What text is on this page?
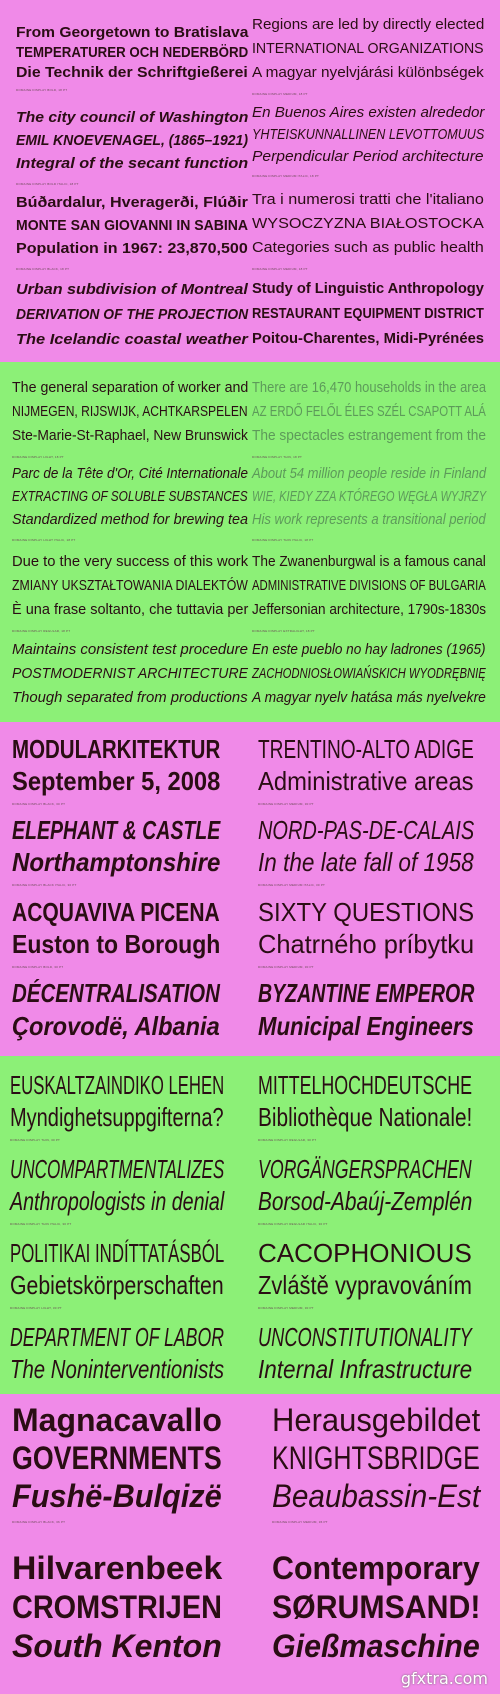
From Georgetown to Bratislava
TEMPERATURER OCH NEDERBÖRD
Die Technik der Schriftgießerei
DOMAINE DISPLAY BOLD, 18 PT
The city council of Washington
EMIL KNOEVENAGEL, (1865–1921)
Integral of the secant function
DOMAINE DISPLAY BOLD ITALIC, 18 PT
Búðardalur, Hveragerði, Flúðir
MONTE SAN GIOVANNI IN SABINA
Population in 1967: 23,870,500
DOMAINE DISPLAY BLACK, 18 PT
Urban subdivision of Montreal
DERIVATION OF THE PROJECTION
The Icelandic coastal weather
Regions are led by directly elected
INTERNATIONAL ORGANIZATIONS
A magyar nyelvjárási különbségek
DOMAINE DISPLAY MEDIUM, 18 PT
En Buenos Aires existen alrededor
YHTEISKUNNALLINEN LEVOTTOMUUS
Perpendicular Period architecture
DOMAINE DISPLAY MEDIUM ITALIC, 18 PT
Tra i numerosi tratti che l'italiano
WYSOCZYZNA BIAŁOSTOCKA
Categories such as public health
DOMAINE DISPLAY MEDIUM, 18 PT
Study of Linguistic Anthropology
RESTAURANT EQUIPMENT DISTRICT
Poitou-Charentes, Midi-Pyrénées
The general separation of worker and
NIJMEGEN, RIJSWIJK, ACHTKARSPELEN
Ste-Marie-St-Raphael, New Brunswick
DOMAINE DISPLAY LIGHT, 18 PT
Parc de la Tête d'Or, Cité Internationale
EXTRACTING OF SOLUBLE SUBSTANCES
Standardized method for brewing tea
DOMAINE DISPLAY LIGHT ITALIC, 18 PT
Due to the very success of this work
ZMIANY UKSZTAŁTOWANIA DIALEKTÓW
È una frase soltanto, che tuttavia per
DOMAINE DISPLAY REGULAR, 18 PT
Maintains consistent test procedure
POSTMODERNIST ARCHITECTURE
Though separated from productions
There are 16,470 households in the area
AZ ERDŐ FELŐL ÉLES SZÉL CSAPOTT ALÁ
The spectacles estrangement from the
DOMAINE DISPLAY THIN, 18 PT
About 54 million people reside in Finland
WIE, KIEDY ZZA KTÓREGO WĘGŁA WYJRZY
His work represents a transitional period
DOMAINE DISPLAY THIN ITALIC, 18 PT
The Zwanenburgwal is a famous canal
ADMINISTRATIVE DIVISIONS OF BULGARIA
Jeffersonian architecture, 1790s-1830s
DOMAINE DISPLAY EXTRALIGHT, 18 PT
En este pueblo no hay ladrones (1965)
ZACHODNIOSŁOWIAŃSKICH WYODRĘBNIĘ
A magyar nyelv hatása más nyelvekre
MODULARKITEKTUR
September 5, 2008
DOMAINE DISPLAY BLACK, 30 PT
ELEPHANT & CASTLE
Northamptonshire
DOMAINE DISPLAY BLACK ITALIC, 30 PT
ACQUAVIVA PICENA
Euston to Borough
DOMAINE DISPLAY BOLD, 30 PT
DÉCENTRALISATION
Çorovodë, Albania
TRENTINO-ALTO ADIGE
Administrative areas
DOMAINE DISPLAY MEDIUM, 30 PT
NORD-PAS-DE-CALAIS
In the late fall of 1958
DOMAINE DISPLAY MEDIUM ITALIC, 30 PT
SIXTY QUESTIONS
Chatrného príbytku
DOMAINE DISPLAY MEDIUM, 30 PT
BYZANTINE EMPEROR
Municipal Engineers
EUSKALTZAINDIKO LEHEN
Myndighetsuppgifterna?
DOMAINE DISPLAY THIN, 30 PT
UNCOMPARTMENTALIZES
Anthropologists in denial
DOMAINE DISPLAY THIN ITALIC, 30 PT
POLITIKAI INDÍTTATÁSBÓL
Gebietskörperschaften
DOMAINE DISPLAY LIGHT, 30 PT
DEPARTMENT OF LABOR
The Noninterventionists
MITTELHOCHDEUTSCHE
Bibliothèque Nationale!
DOMAINE DISPLAY REGULAR, 30 PT
VORGÄNGERSPRACHEN
Borsod-Abaúj-Zemplén
DOMAINE DISPLAY REGULAR ITALIC, 30 PT
CACOPHONIOUS
Zvláště vypravováním
DOMAINE DISPLAY MEDIUM, 30 PT
UNCONSTITUTIONALITY
Internal Infrastructure
Magnacavallo
GOVERNMENTS
Fushë-Bulqizë
DOMAINE DISPLAY BLACK, 36 PT
Hilvarenbeek
CROMSTRIJEN
South Kenton
Herausgebildet
KNIGHTSBRIDGE
Beaubassin-Est
DOMAINE DISPLAY MEDIUM, 36 PT
Contemporary
SØRUMSAND!
Gießmaschine
gfxtra.com
